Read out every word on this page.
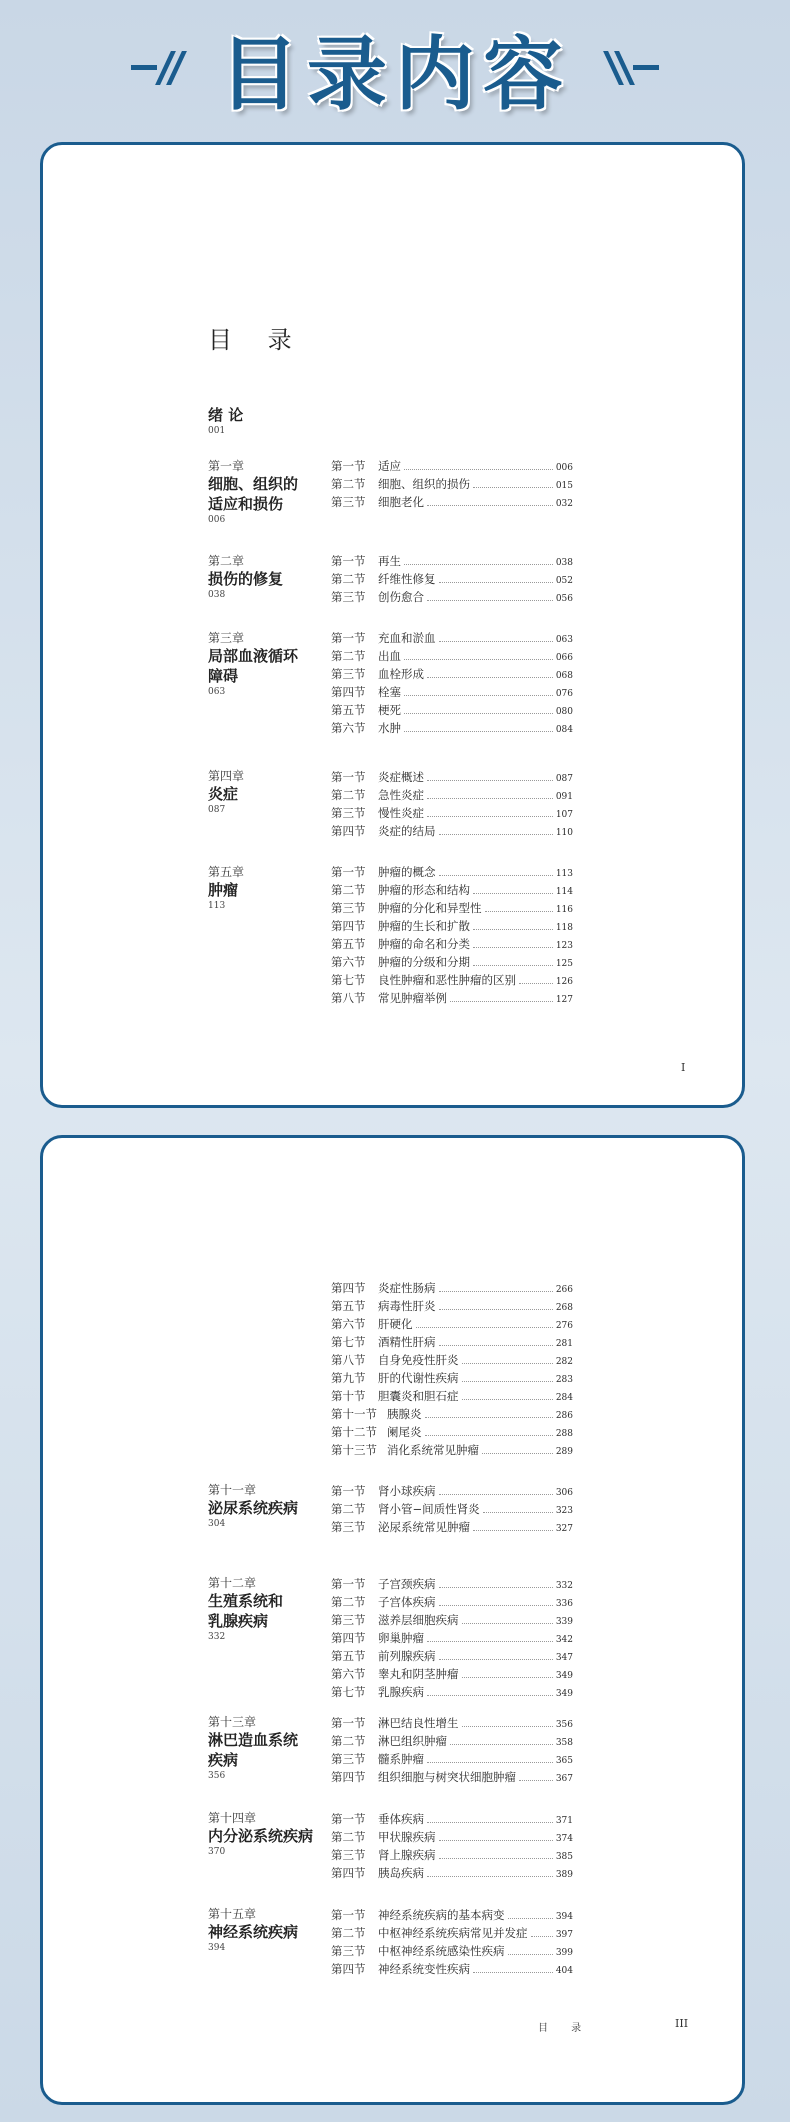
目录内容
目 录
绪 论
001
第一章
细胞、组织的
适应和损伤
006
第一节	适应	006
第二节	细胞、组织的损伤	015
第三节	细胞老化	032
第二章
损伤的修复
038
第一节	再生	038
第二节	纤维性修复	052
第三节	创伤愈合	056
第三章
局部血液循环
障碍
063
第一节	充血和淤血	063
第二节	出血	066
第三节	血栓形成	068
第四节	栓塞	076
第五节	梗死	080
第六节	水肿	084
第四章
炎症
087
第一节	炎症概述	087
第二节	急性炎症	091
第三节	慢性炎症	107
第四节	炎症的结局	110
第五章
肿瘤
113
第一节	肿瘤的概念	113
第二节	肿瘤的形态和结构	114
第三节	肿瘤的分化和异型性	116
第四节	肿瘤的生长和扩散	118
第五节	肿瘤的命名和分类	123
第六节	肿瘤的分级和分期	125
第七节	良性肿瘤和恶性肿瘤的区别	126
第八节	常见肿瘤举例	127
I
第四节	炎症性肠病	266
第五节	病毒性肝炎	268
第六节	肝硬化	276
第七节	酒精性肝病	281
第八节	自身免疫性肝炎	282
第九节	肝的代谢性疾病	283
第十节	胆囊炎和胆石症	284
第十一节 胰腺炎	286
第十二节 阑尾炎	288
第十三节 消化系统常见肿瘤	289
第十一章
泌尿系统疾病
304
第一节	肾小球疾病	306
第二节	肾小管−间质性肾炎	323
第三节	泌尿系统常见肿瘤	327
第十二章
生殖系统和
乳腺疾病
332
第一节	子宫颈疾病	332
第二节	子宫体疾病	336
第三节	滋养层细胞疾病	339
第四节	卵巢肿瘤	342
第五节	前列腺疾病	347
第六节	睾丸和阴茎肿瘤	349
第七节	乳腺疾病	349
第十三章
淋巴造血系统
疾病
356
第一节	淋巴结良性增生	356
第二节	淋巴组织肿瘤	358
第三节	髓系肿瘤	365
第四节	组织细胞与树突状细胞肿瘤	367
第十四章
内分泌系统疾病
370
第一节	垂体疾病	371
第二节	甲状腺疾病	374
第三节	肾上腺疾病	385
第四节	胰岛疾病	389
第十五章
神经系统疾病
394
第一节	神经系统疾病的基本病变	394
第二节	中枢神经系统疾病常见并发症	397
第三节	中枢神经系统感染性疾病	399
第四节	神经系统变性疾病	404
目 录	III
